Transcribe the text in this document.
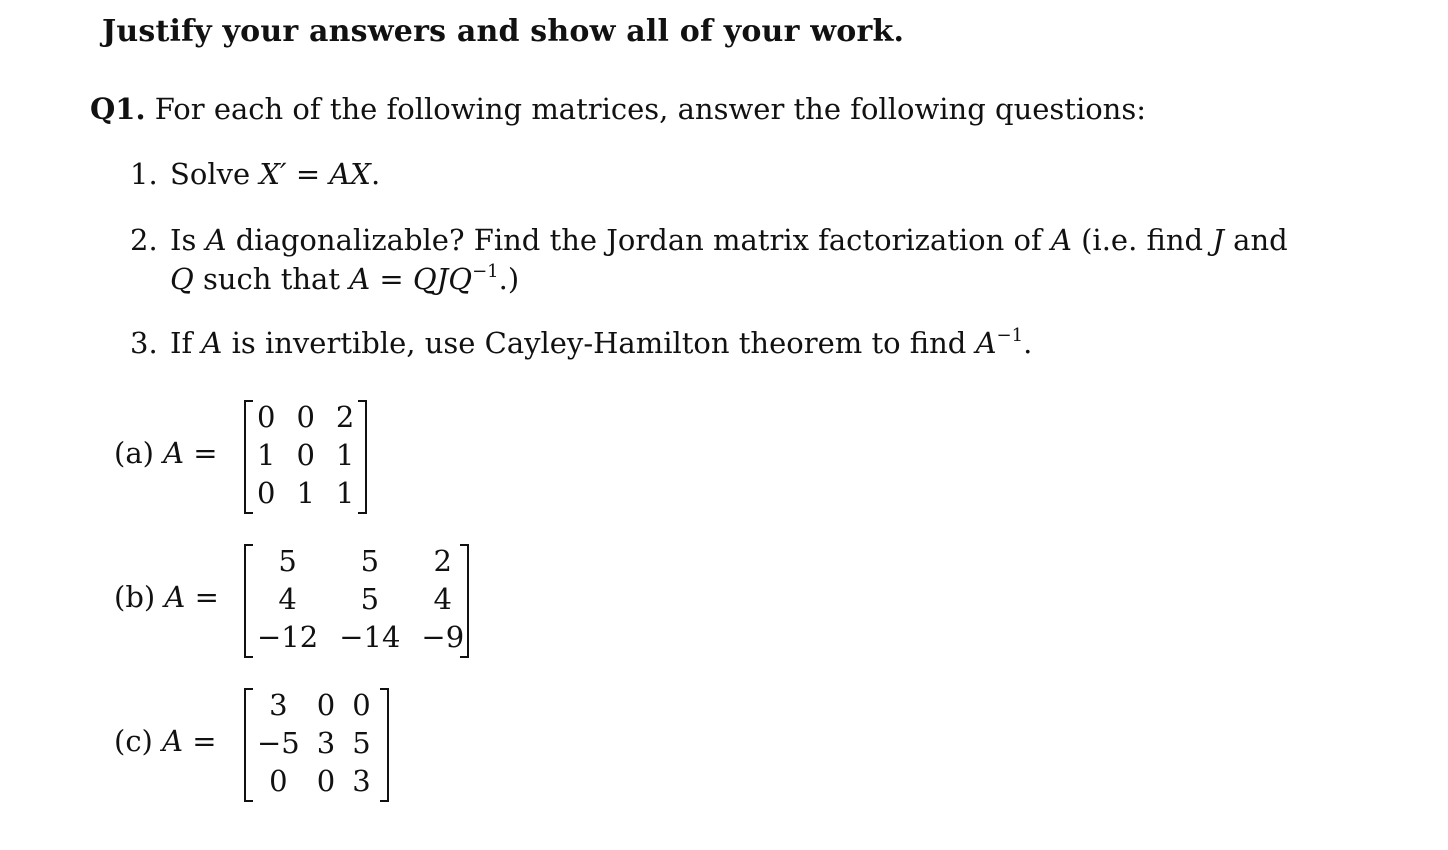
Justify your answers and show all of your work.
Q1. For each of the following matrices, answer the following questions:
1. Solve X′ = AX.
2. Is A diagonalizable? Find the Jordan matrix factorization of A (i.e. find J and
Q such that $A = QJQ^{-1}$.)
3. If A is invertible, use Cayley-Hamilton theorem to find $A^{-1}$.
(a) A =
0	0	2
1	0	1
0	1	1
(b) A =
5	5	2
4	5	4
−12	−14	−9
(c) A =
3	0	0
−5	3	5
0	0	3
